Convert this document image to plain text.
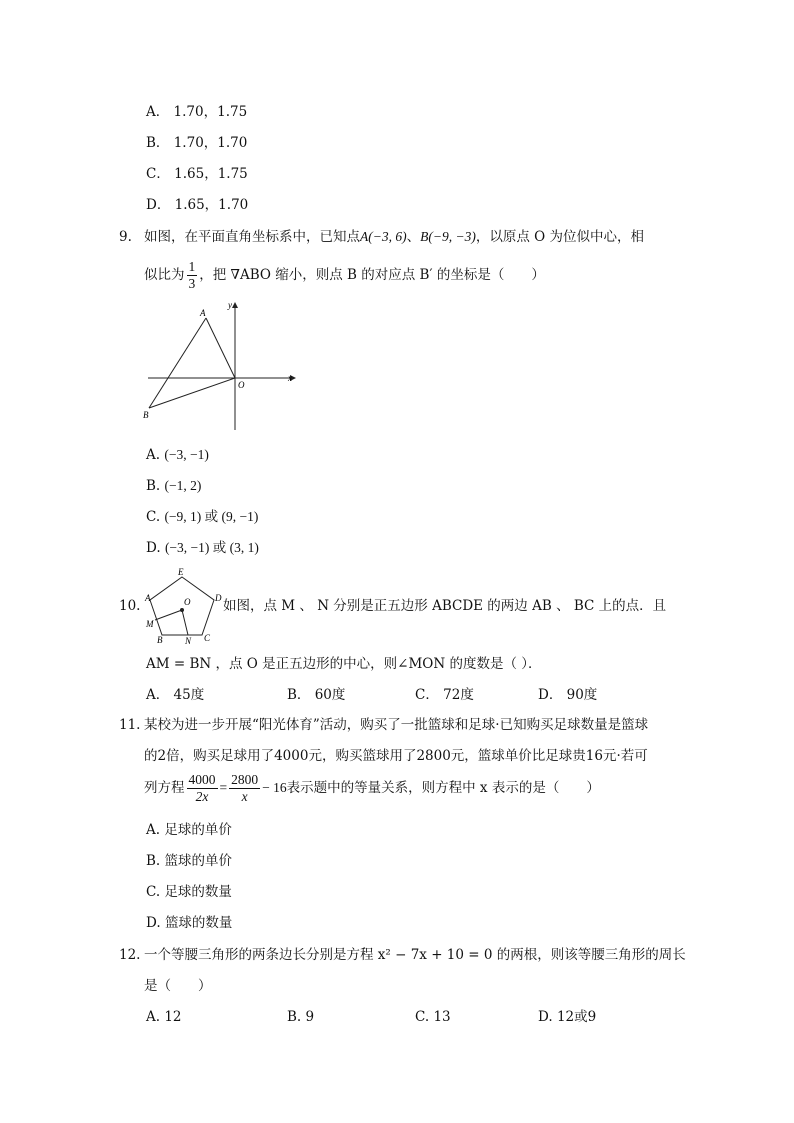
A． 1.70，1.75
B． 1.70，1.70
C． 1.65，1.75
D． 1.65，1.70
9. 如图，在平面直角坐标系中，已知点A(−3, 6)、B(−9, −3)，以原点 O 为位似中心，相
似比为 $\frac{1}{3}$ ，把 ∇ABO 缩小，则点 B 的对应点 B′ 的坐标是（　　）
y
x
A
B
O
A. (−3, −1)
B. (−1, 2)
C. (−9, 1) 或 (9, −1)
D. (−3, −1) 或 (3, 1)
10.
E
A	D
O
M
B	N C
如图，点 M 、 N 分别是正五边形 ABCDE 的两边 AB 、 BC 上的点．且
AM = BN ，点 O 是正五边形的中心，则∠MON 的度数是（ ）．
A． 45度	B． 60度	C． 72度	D． 90度
11. 某校为进一步开展“阳光体育”活动，购买了一批篮球和足球·已知购买足球数量是篮球
的2倍，购买足球用了4000元，购买篮球用了2800元，篮球单价比足球贵16元·若可
列方程 $\frac{4000}{2x} = \frac{2800}{x} - 16$表示题中的等量关系，则方程中 x 表示的是（　　）
A. 足球的单价
B. 篮球的单价
C. 足球的数量
D. 篮球的数量
12. 一个等腰三角形的两条边长分别是方程 x² − 7x + 10 = 0 的两根，则该等腰三角形的周长
是（　　）
A. 12	B. 9	C. 13	D. 12或9
